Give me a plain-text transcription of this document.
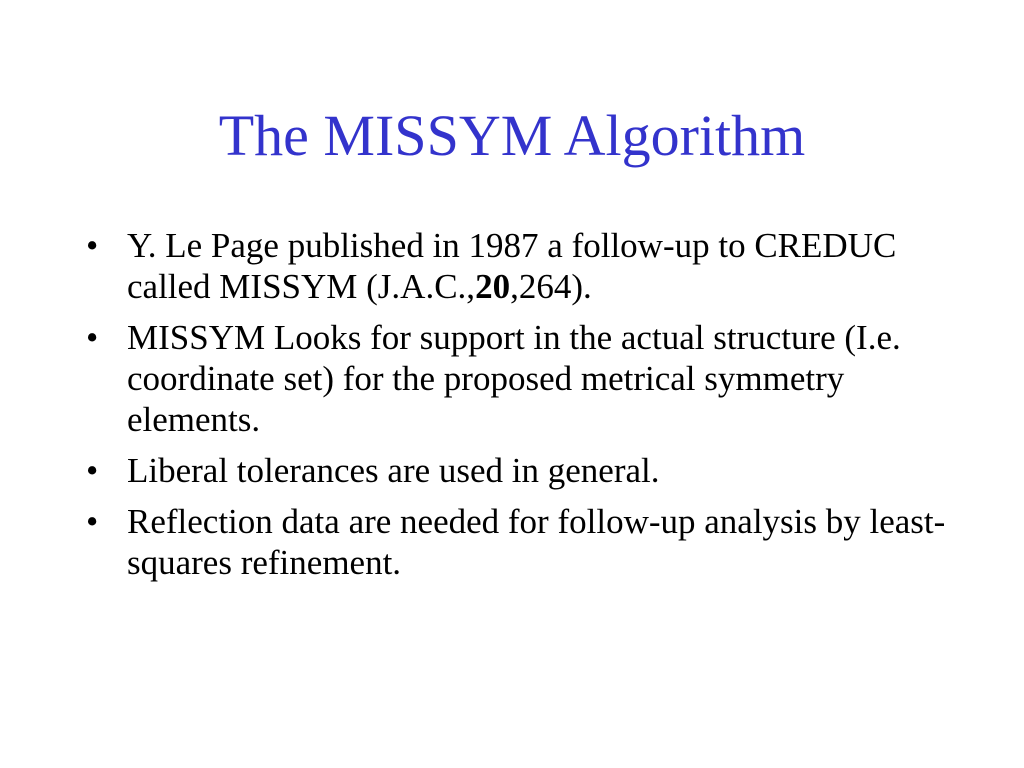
The MISSYM Algorithm
• Y. Le Page published in 1987 a follow-up to CREDUC called MISSYM (J.A.C.,20,264).
• MISSYM Looks for support in the actual structure (I.e. coordinate set) for the proposed metrical symmetry elements.
• Liberal tolerances are used in general.
• Reflection data are needed for follow-up analysis by least-squares refinement.
